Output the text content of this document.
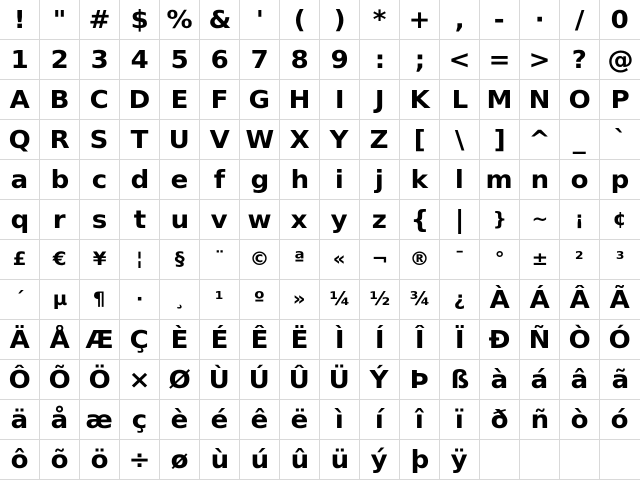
! " # $ % & ' ( ) * + , - · / 0
1 2 3 4 5 6 7 8 9 : ; < = > ? @
A B C D E F G H I J K L M N O P
Q R S T U V W X Y Z [ \ ] ^ _ `
a b c d e f g h i j k l m n o p
q r s t u v w x y z { | } ~ ¡ ¢
£ € ¥ ¦ § ¨ © ª « ¬ ® ¯ ° ± ² ³
´ µ ¶ · ¸ ¹ º » ¼ ½ ¾ ¿ À Á Â Ã
Ä Å Æ Ç È É Ê Ë Ì Í Î Ï Ð Ñ Ò Ó
Ô Õ Ö × Ø Ù Ú Û Ü Ý Þ ß à á â ã
ä å æ ç è é ê ë ì í î ï ð ñ ò ó
ô õ ö ÷ ø ù ú û ü ý þ ÿ
